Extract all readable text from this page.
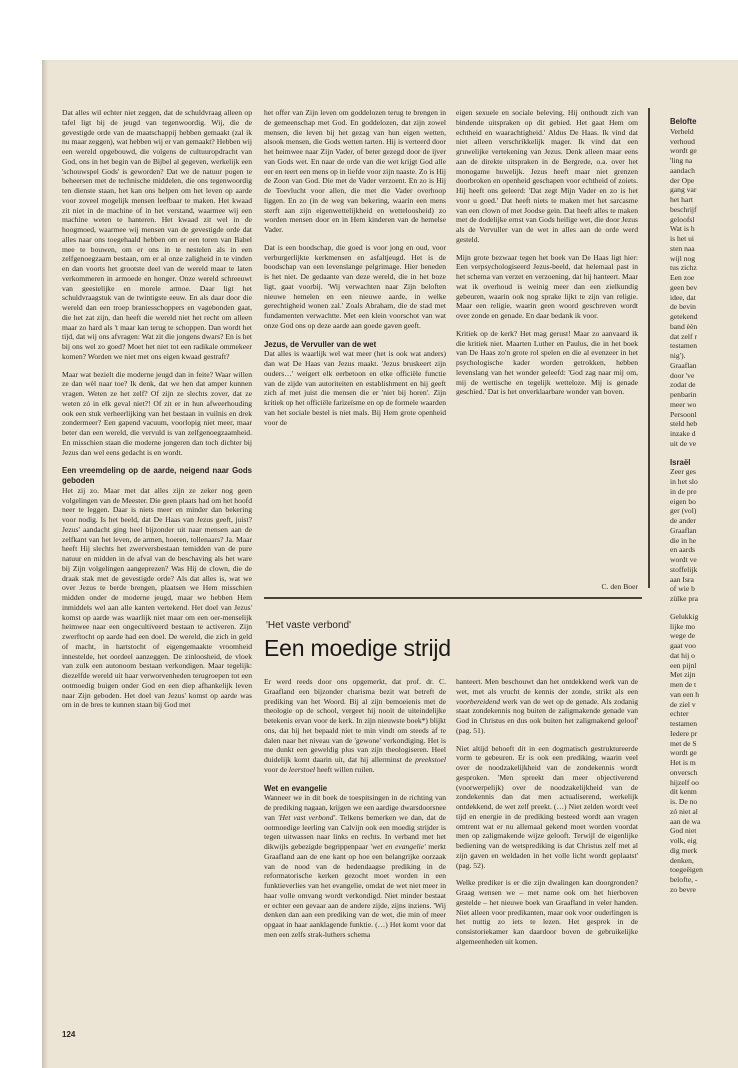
Dat alles wil echter niet zeggen, dat de schuldvraag alleen op tafel ligt bij de jeugd van tegenwoordig. Wij, die de gevestigde orde van de maatschappij hebben gemaakt (zal ik nu maar zeggen), wat hebben wij er van gemaakt? Hebben wij een wereld opgebouwd, die volgens de cultuuropdracht van God, ons in het begin van de Bijbel al gegeven, werkelijk een 'schouwspel Gods' is geworden? Dat we de natuur pogen te beheersen met de technische middelen, die ons tegenwoordig ten dienste staan, het kan ons helpen om het leven op aarde voor zoveel mogelijk mensen leefbaar te maken. Het kwaad zit niet in de machine of in het verstand, waarmee wij een machine weten te hanteren. Het kwaad zit wel in de hoogmoed, waarmee wij mensen van de gevestigde orde dat alles naar ons toegehaald hebben om er een toren van Babel mee te bouwen, om er ons in te nestelen als in een zelfgenoegzaam bestaan, om er al onze zaligheid in te vinden en dan voorts het grootste deel van de wereld maar te laten verkommeren in armoede en honger. Onze wereld schreeuwt van geestelijke en morele armoe. Daar ligt het schuldvraagstuk van de twintigste eeuw. En als daar door die wereld dan een troep braniesschoppers en vagebonden gaat, die het zat zijn, dan heeft die wereld niet het recht om alleen maar zo hard als 't maar kan terug te schoppen. Dan wordt het tijd, dat wij ons afvragen: Wat zit die jongens dwars? En is het bij ons wel zo goed? Moet het niet tot een radikale ommekeer komen? Worden we niet met ons eigen kwaad gestraft?

Maar wat bezielt die moderne jeugd dan in feite? Waar willen ze dan wèl naar toe? Ik denk, dat we hen dat amper kunnen vragen. Weten ze het zelf? Of zijn ze slechts zover, dat ze weten zó in elk geval niet?! Of zit er in hun afweerhouding ook een stuk verheerlijking van het bestaan in vuilnis en drek zondermeer? Een gapend vacuum, voorlopig niet meer, maar beter dan een wereld, die vervuld is van zelfgenoegzaamheid. En misschien staan die moderne jongeren dan toch dichter bij Jezus dan wel eens gedacht is en wordt.

Een vreemdeling op de aarde, neigend naar Gods geboden

Het zij zo. Maar met dat alles zijn ze zeker nog geen volgelingen van de Meester. Die geen plaats had om het hoofd neer te leggen. Daar is niets meer en minder dan bekering voor nodig. Is het beeld, dat De Haas van Jezus geeft, juist? Jezus' aandacht ging heel bijzonder uit naar mensen aan de zelfkant van het leven, de armen, hoeren, tollenaars? Ja. Maar heeft Hij slechts het zwerversbestaan temidden van de pure natuur en midden in de afval van de beschaving als het ware bij Zijn volgelingen aangeprezen? Was Hij de clown, die de draak stak met de gevestigde orde? Als dat alles is, wat we over Jezus te berde brengen, plaatsen we Hem misschien midden onder de moderne jeugd, maar we hebben Hem inmiddels wel aan alle kanten vertekend. Het doel van Jezus' komst op aarde was waarlijk niet maar om een oer-menselijk heimwee naar een ongecultiveerd bestaan te activeren. Zijn zwerftocht op aarde had een doel. De wereld, die zich in geld of macht, in hartstocht of eigengemaakte vroomheid innestelde, het oordeel aanzeggen. De zinloosheid, de vloek van zulk een autonoom bestaan verkondigen. Maar tegelijk: diezelfde wereld uit haar verworvenheden terugroepen tot een ootmoedig buigen onder God en een diep afhankelijk leven naar Zijn geboden. Het doel van Jezus' komst op aarde was om in de bres te kunnen staan bij God met

het offer van Zijn leven om goddelozen terug te brengen in de gemeenschap met God. En goddelozen, dat zijn zowel mensen, die leven bij het gezag van hun eigen wetten, alsook mensen, die Gods wetten tarten. Hij is verteerd door het heimwee naar Zijn Vader, of beter gezegd door de ijver van Gods wet. En naar de orde van die wet krijgt God alle eer en teert een mens op in liefde voor zijn naaste. Zo is Hij de Zoon van God. Die met de Vader verzoent. En zo is Hij de Toevlucht voor allen, die met die Vader overhoop liggen. En zo (in de weg van bekering, waarin een mens sterft aan zijn eigenwettelijkheid en wetteloosheid) zo worden mensen door en in Hem kinderen van de hemelse Vader.

Dat is een boodschap, die goed is voor jong en oud, voor verburgerlijkte kerkmensen en asfaltjeugd. Het is de boodschap van een levenslange pelgrimage. Hier beneden is het niet. De gedaante van deze wereld, die in het boze ligt, gaat voorbij. 'Wij verwachten naar Zijn beloften nieuwe hemelen en een nieuwe aarde, in welke gerechtigheid wonen zal.' Zoals Abraham, die de stad met fundamenten verwachtte. Met een klein voorschot van wat onze God ons op deze aarde aan goede gaven geeft.

Jezus, de Vervuller van de wet

Dat alles is waarlijk wel wat meer (het is ook wat anders) dan wat De Haas van Jezus maakt. 'Jezus bruskeert zijn ouders…' weigert elk eerbetoon en elke officiële functie van de zijde van autoriteiten en establishment en hij geeft zich af met juist die mensen die er 'niet bij horen'. Zijn kritiek op het officiële farizeïsme en op de formele waarden van het sociale bestel is niet mals. Bij Hem grote openheid voor de

eigen sexuele en sociale beleving. Hij onthoudt zich van bindende uitspraken op dit gebied. Het gaat Hem om echtheid en waarachtigheid.' Aldus De Haas. Ik vind dat niet alleen verschrikkelijk mager. Ik vind dat een gruwelijke vertekening van Jezus. Denk alleen maar eens aan de direkte uitspraken in de Bergrede, o.a. over het monogame huwelijk. Jezus heeft maar niet grenzen doorbroken en openheid geschapen voor echtheid of zoiets. Hij heeft ons geleerd: 'Dat zegt Mijn Vader en zo is het voor u goed.' Dat heeft niets te maken met het sarcasme van een clown of met Joodse gein. Dat heeft alles te maken met de dodelijke ernst van Gods heilige wet, die door Jezus als de Vervuller van de wet in alles aan de orde werd gesteld.

Mijn grote bezwaar tegen het boek van De Haas ligt hier: Een verpsychologiseerd Jezus-beeld, dat helemaal past in het schema van verzet en verzoening, dat hij hanteert. Maar wat ik overhoud is weinig meer dan een zielkundig gebeuren, waarin ook nog sprake lijkt te zijn van religie. Maar een religie, waarin geen woord geschreven wordt over zonde en genade. En daar bedank ik voor.

Kritiek op de kerk? Het mag gerust! Maar zo aanvaard ik die kritiek niet. Maarten Luther en Paulus, die in het boek van De Haas zo'n grote rol spelen en die al evenzeer in het psychologische kader worden getrokken, hebben levenslang van het wonder geleefd: 'God zag naar mij om, mij de wettische en tegelijk wetteloze. Mij is genade geschied.' Dat is het onverklaarbare wonder van boven.

C. den Boer
'Het vaste verbond'
Een moedige strijd

Er werd reeds door ons opgemerkt, dat prof. dr. C. Graafland een bijzonder charisma bezit wat betreft de prediking van het Woord. Bij al zijn bemoeienis met de theologie op de school, vergeet hij nooit de uiteindelijke betekenis ervan voor de kerk. In zijn nieuwste boek*) blijkt ons, dat hij het bepaald niet te min vindt om steeds af te dalen naar het niveau van de 'gewone' verkondiging. Het is me dunkt een geweldig plus van zijn theologiseren. Heel duidelijk komt daarin uit, dat hij allerminst de preekstoel voor de leerstoel heeft willen ruilen.

Wet en evangelie

Wanneer we in dit boek de toespitsingen in de richting van de prediking nagaan, krijgen we een aardige dwarsdoorsnee van 'Het vast verbond'. Telkens bemerken we dan, dat de ootmoedige leerling van Calvijn ook een moedig strijder is tegen uitwassen naar links en rechts. In verband met het dikwijls gebezigde begrippenpaar 'wet en evangelie' merkt Graafland aan de ene kant op hoe een belangrijke oorzaak van de nood van de hedendaagse prediking in de reformatorische kerken gezocht moet worden in een funktieverlies van het evangelie, omdat de wet niet meer in haar volle omvang wordt verkondigd. Niet minder bestaat er echter een gevaar aan de andere zijde, zijns inziens. 'Wij denken dan aan een prediking van de wet, die min of meer opgaat in haar aanklagende funktie. (…) Het komt voor dat men een zelfs strak-luthers schema

hanteert. Men beschouwt dan het ontdekkend werk van de wet, met als vrucht de kennis der zonde, strikt als een voorbereidend werk van de wet op de genade. Als zodanig staat zondekennis nog buiten de zaligmakende genade van God in Christus en dus ook buiten het zaligmakend geloof' (pag. 51).

Niet altijd behoeft dit in een dogmatisch gestruktureerde vorm te gebeuren. Er is ook een prediking, waarin veel over de noodzakelijkheid van de zondekennis wordt gesproken. 'Men spreekt dan meer objectiverend (voorwerpelijk) over de noodzakelijkheid van de zondekennis dan dat men actualiserend, werkelijk ontdekkend, de wet zelf preekt. (…) Niet zelden wordt veel tijd en energie in de prediking besteed wordt aan vragen omtrent wat er nu allemaal gekend moet worden voordat men op zaligmakende wijze gelooft. Terwijl de eigenlijke bediening van de wetsprediking is dat Christus zelf met al zijn gaven en weldaden in het volle licht wordt geplaatst' (pag. 52).

Welke prediker is er die zijn dwalingen kan doorgronden? Graag wensen we – met name ook om het hierboven gestelde – het nieuwe boek van Graafland in veler handen. Niet alleen voor predikanten, maar ook voor ouderlingen is het nuttig zo iets te lezen. Het gesprek in de consistoriekamer kan daardoor boven de gebruikelijke algemeenheden uit komen.

Belofte
Verheld
verhoud
wordt ge
'ling na
aandach
der Ope
gang var
het hart
beschrijf
geloofsl
Wat is h
is het ui
sten naa
wijl nog
tus zichz
Een zoe
geen bev
idee, dat
de bevin
getekend
band èèn
dat zelf r
testamen
nig').
Graaflan
door 've
zodat de
penbarin
meer wo
Persoonl
steld heb
inzake d
uit de ve
Israël
Zeer ges
in het slo
in de pre
eigen bo
ger (vol)
de ander
Graaflan
die in he
en aards
wordt ve
stoffelijk
aan Isra
of wie b
zùlke pra
Gelukkig
lijke mo
wege de
gaat voo
dat hij o
een pijnl
Met zijn
men de t
van een h
de ziel v
echter
testamen
Iedere pr
met de S
wordt ge
Het is m
onversch
hijzelf oo
dit kenm
is. De no
zó niet al
aan de wa
God niet
volk, eig
dig merk
denken,
toegeëigen
belofte, -
zo bevre
124
